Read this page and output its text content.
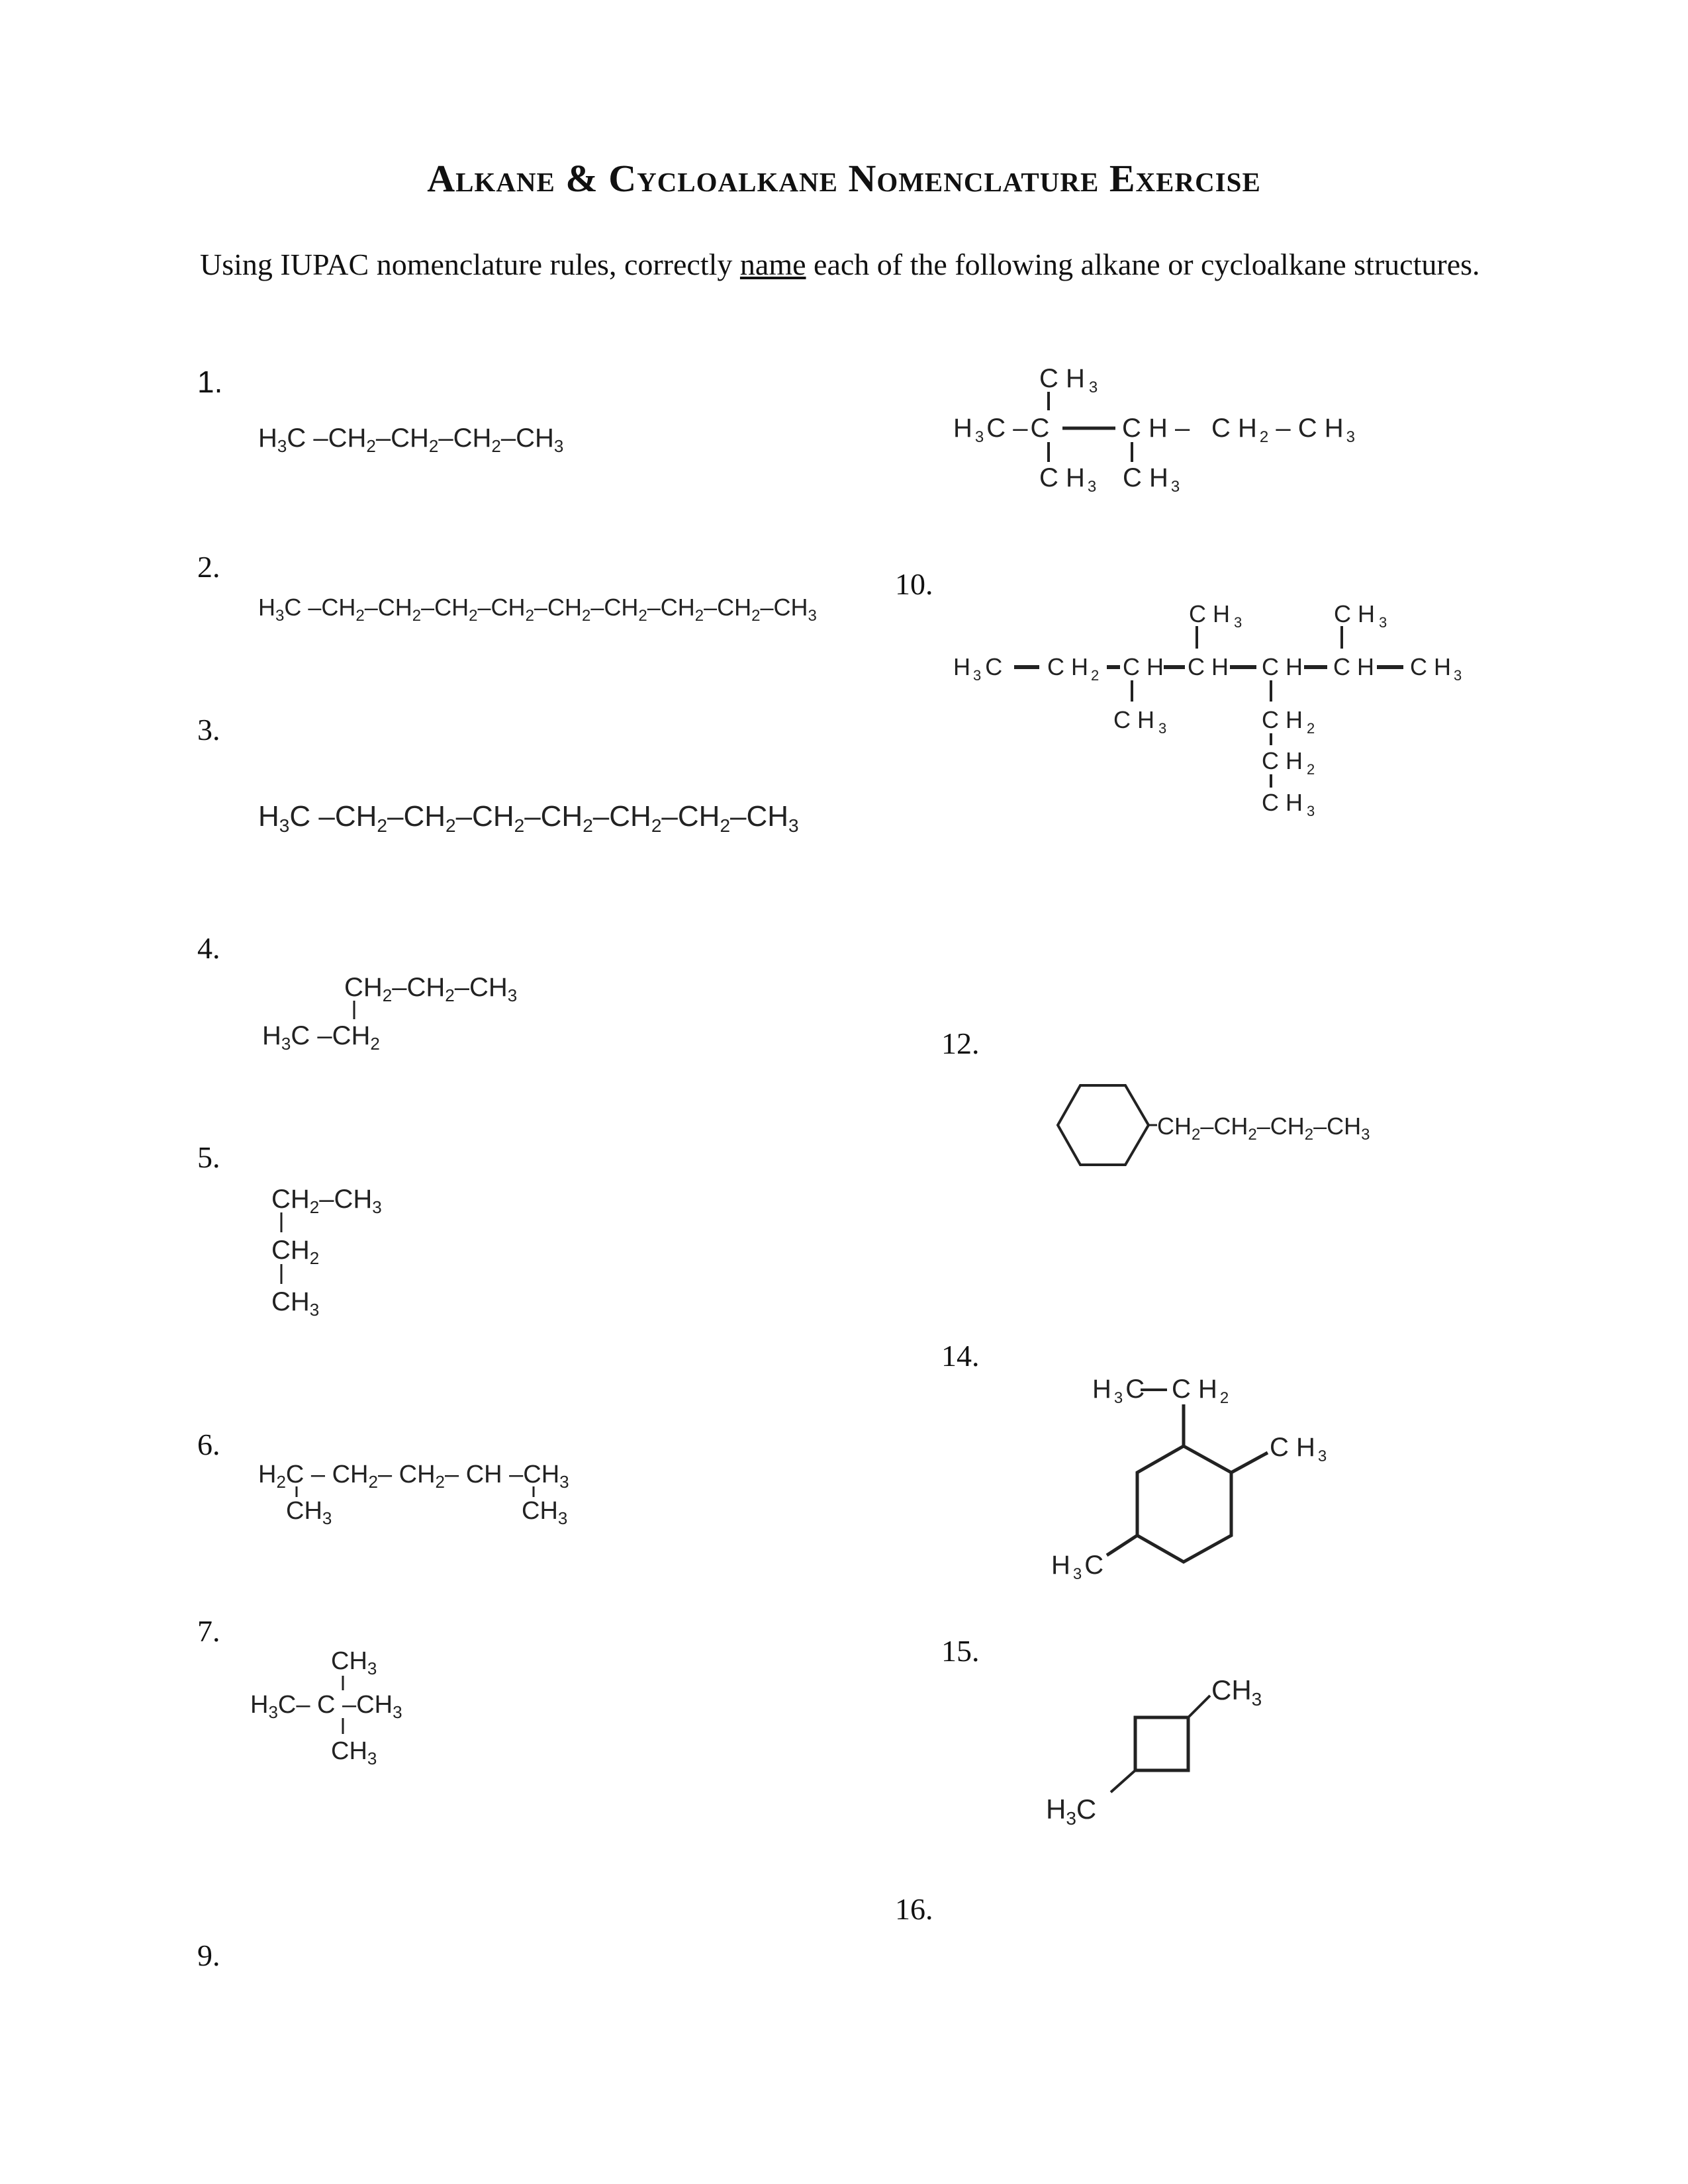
Alkane & Cycloalkane Nomenclature Exercise
Using IUPAC nomenclature rules, correctly name each of the following alkane or cycloalkane structures.
1.
2.
3.
4.
5.
6.
7.
9.
10.
12.
14.
15.
16.
$H_3C$ $-CH_2-CH_2-CH_2-CH_3$
$H_3C$ $-CH_2-CH_2-CH_2-CH_2-CH_2-CH_2-CH_2-CH_2-CH_3$
$H_3C$ $-CH_2-CH_2-CH_2-CH_2-CH_2-CH_2-CH_3$
$CH_2-CH_2-CH_3$
$H_3C$ $-CH_2$
$CH_2-CH_3$
$CH_2$
$CH_3$
$H_2C - CH_2-$ $CH_2-$ CH $-CH_3$
$CH_3$	$CH_3$
$CH_3$
$H_3C-$ C $-CH_3$
$CH_3$
C H $_3$
H $_3$ C – C	C H – C H $_2$ – C H $_3$
C H $_3$ C H $_3$
C H $_3$	C H $_3$
H $_3$ C C H $_2$ C H C H C H C H C H $_3$
C H $_3$	C H $_2$
C H $_2$
C H $_3$
$CH_2-CH_2-CH_2-CH_3$
H $_3$ C C H $_2$
C H $_3$
H $_3$ C
$CH_3$
$H_3C$
